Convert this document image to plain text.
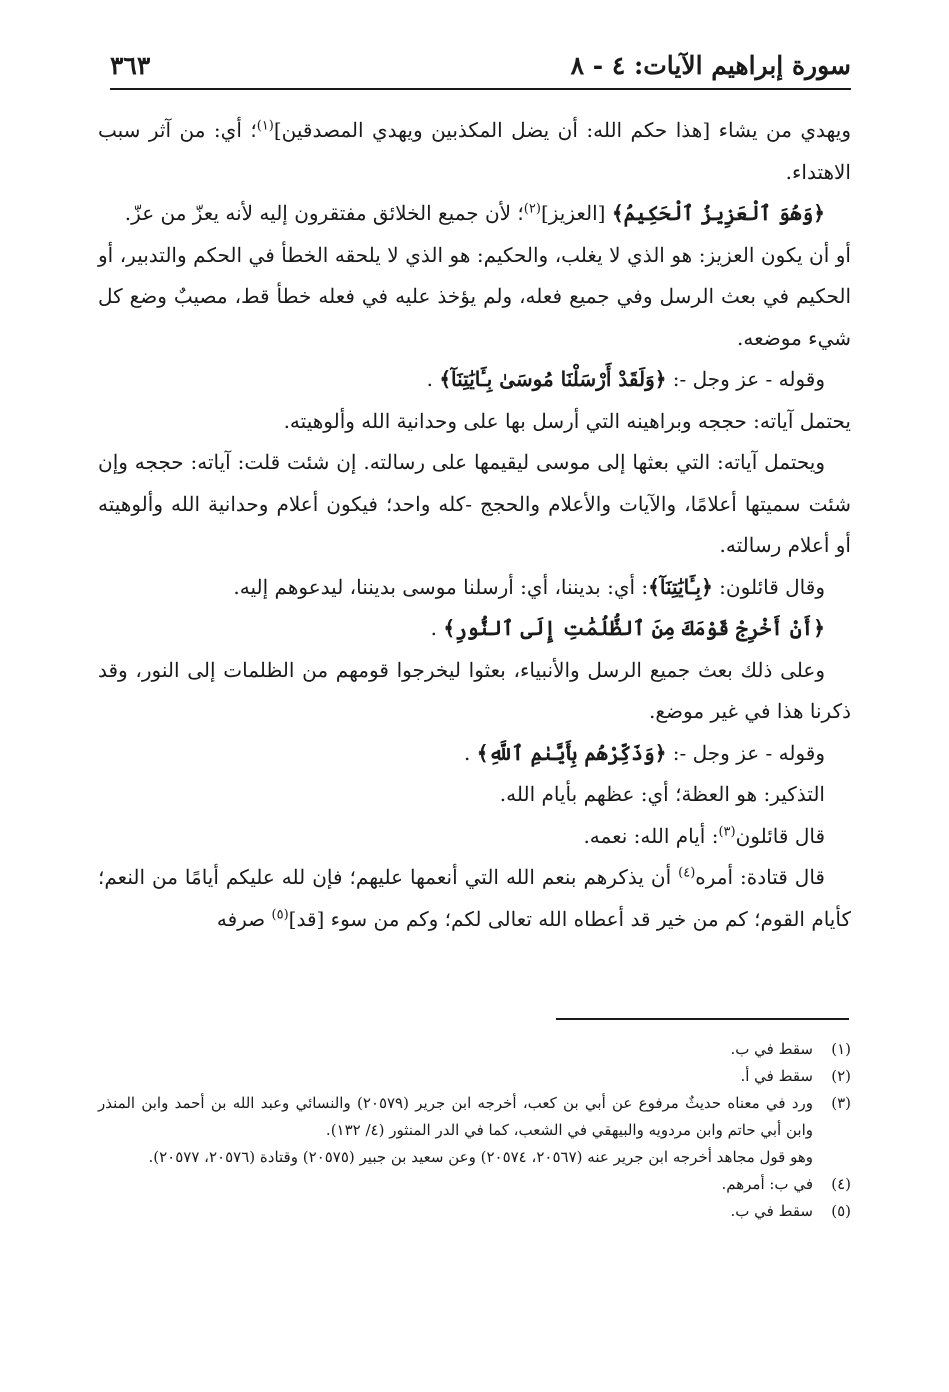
سورة إبراهيم الآيات: ٤ - ٨
٣٦٣

ويهدي من يشاء [هذا حكم الله: أن يضل المكذبين ويهدي المصدقين]$^{(١)}$؛ أي: من آثر سبب الاهتداء.

﴿وَهُوَ ٱلْعَزِيزُ ٱلْحَكِيمُ﴾ [العزيز]$^{(٢)}$؛ لأن جميع الخلائق مفتقرون إليه لأنه يعزّ من عزّ.

أو أن يكون العزيز: هو الذي لا يغلب، والحكيم: هو الذي لا يلحقه الخطأ في الحكم والتدبير، أو الحكيم في بعث الرسل وفي جميع فعله، ولم يؤخذ عليه في فعله خطأ قط، مصيبٌ وضع كل شيء موضعه.

وقوله - عز وجل -: ﴿وَلَقَدْ أَرْسَلْنَا مُوسَىٰ بِـَٔايَٰتِنَآ﴾ .

يحتمل آياته: حججه وبراهينه التي أرسل بها على وحدانية الله وألوهيته.

ويحتمل آياته: التي بعثها إلى موسى ليقيمها على رسالته. إن شئت قلت: آياته: حججه وإن شئت سميتها أعلامًا، والآيات والأعلام والحجج -كله واحد؛ فيكون أعلام وحدانية الله وألوهيته أو أعلام رسالته.

وقال قائلون: ﴿بِـَٔايَٰتِنَآ﴾: أي: بديننا، أي: أرسلنا موسى بديننا، ليدعوهم إليه.

﴿أَنْ أَخْرِجْ قَوْمَكَ مِنَ ٱلظُّلُمَٰتِ إِلَى ٱلنُّورِ﴾ .

وعلى ذلك بعث جميع الرسل والأنبياء، بعثوا ليخرجوا قومهم من الظلمات إلى النور، وقد ذكرنا هذا في غير موضع.

وقوله - عز وجل -: ﴿وَذَكِّرْهُم بِأَيَّىٰمِ ٱللَّهِ﴾ .

التذكير: هو العظة؛ أي: عظهم بأيام الله.

قال قائلون$^{(٣)}$: أيام الله: نعمه.

قال قتادة: أمره$^{(٤)}$ أن يذكرهم بنعم الله التي أنعمها عليهم؛ فإن لله عليكم أيامًا من النعم؛ كأيام القوم؛ كم من خير قد أعطاه الله تعالى لكم؛ وكم من سوء [قد]$^{(٥)}$ صرفه

(١)
سقط في ب.
(٢)
سقط في أ.
(٣)
ورد في معناه حديثٌ مرفوع عن أبي بن كعب، أخرجه ابن جرير (٢٠٥٧٩) والنسائي وعبد الله بن أحمد وابن المنذر وابن أبي حاتم وابن مردويه والبيهقي في الشعب، كما في الدر المنثور (٤/ ١٣٢).
وهو قول مجاهد أخرجه ابن جرير عنه (٢٠٥٦٧، ٢٠٥٧٤) وعن سعيد بن جبير (٢٠٥٧٥) وقتادة (٢٠٥٧٦، ٢٠٥٧٧).
(٤)
في ب: أمرهم.
(٥)
سقط في ب.
